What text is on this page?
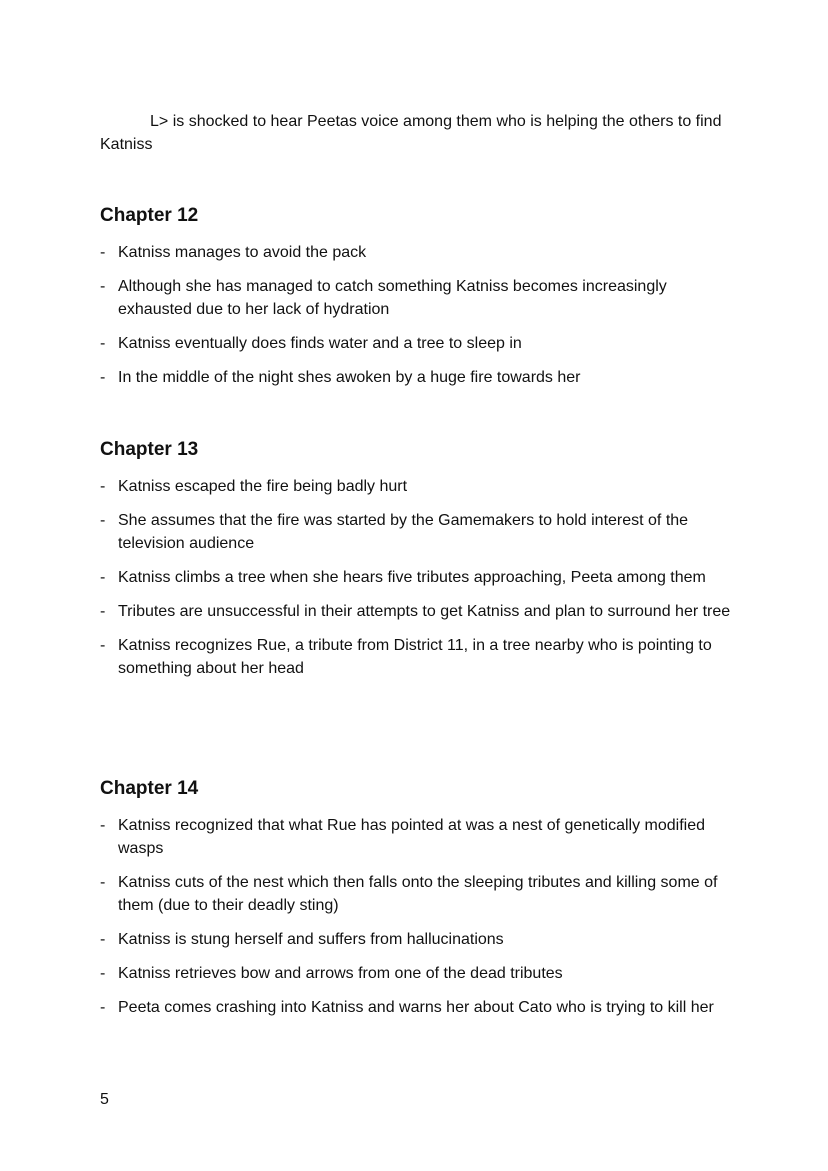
L> is shocked to hear Peetas voice among them who is helping the others to find Katniss

Chapter 12
- Katniss manages to avoid the pack
- Although she has managed to catch something Katniss becomes increasingly exhausted due to her lack of hydration
- Katniss eventually does finds water and a tree to sleep in
- In the middle of the night shes awoken by a huge fire towards her
Chapter 13
- Katniss escaped the fire being badly hurt
- She assumes that the fire was started by the Gamemakers to hold interest of the television audience
- Katniss climbs a tree when she hears five tributes approaching, Peeta among them
- Tributes are unsuccessful in their attempts to get Katniss and plan to surround her tree
- Katniss recognizes Rue, a tribute from District 11, in a tree nearby who is pointing to something about her head
Chapter 14
- Katniss recognized that what Rue has pointed at was a nest of genetically modified wasps
- Katniss cuts of the nest which then falls onto the sleeping tributes and killing some of them (due to their deadly sting)
- Katniss is stung herself and suffers from hallucinations
- Katniss retrieves bow and arrows from one of the dead tributes
- Peeta comes crashing into Katniss and warns her about Cato who is trying to kill her
5
